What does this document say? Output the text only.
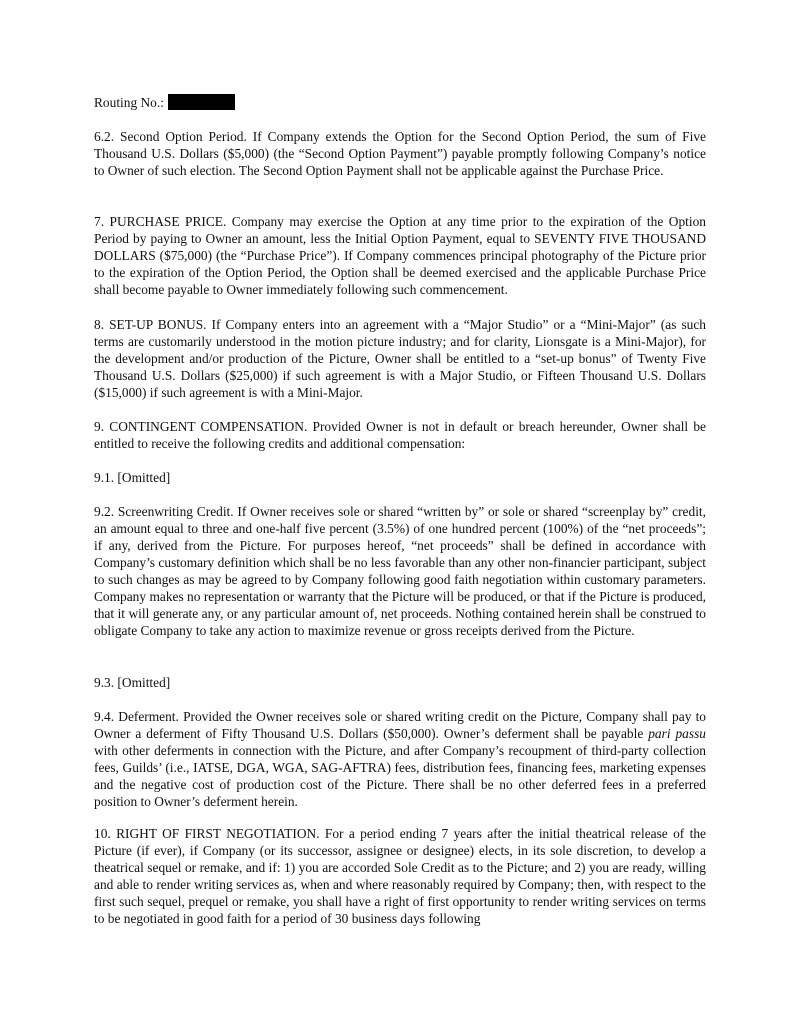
Routing No.:

6.2. Second Option Period. If Company extends the Option for the Second Option Period, the sum of Five Thousand U.S. Dollars ($5,000) (the “Second Option Payment”) payable promptly following Company’s notice to Owner of such election. The Second Option Payment shall not be applicable against the Purchase Price.

7. PURCHASE PRICE. Company may exercise the Option at any time prior to the expiration of the Option Period by paying to Owner an amount, less the Initial Option Payment, equal to SEVENTY FIVE THOUSAND DOLLARS ($75,000) (the “Purchase Price”). If Company commences principal photography of the Picture prior to the expiration of the Option Period, the Option shall be deemed exercised and the applicable Purchase Price shall become payable to Owner immediately following such commencement.

8. SET-UP BONUS. If Company enters into an agreement with a “Major Studio” or a “Mini-Major” (as such terms are customarily understood in the motion picture industry; and for clarity, Lionsgate is a Mini-Major), for the development and/or production of the Picture, Owner shall be entitled to a “set-up bonus” of Twenty Five Thousand U.S. Dollars ($25,000) if such agreement is with a Major Studio, or Fifteen Thousand U.S. Dollars ($15,000) if such agreement is with a Mini-Major.

9. CONTINGENT COMPENSATION. Provided Owner is not in default or breach hereunder, Owner shall be entitled to receive the following credits and additional compensation:

9.1. [Omitted]

9.2. Screenwriting Credit. If Owner receives sole or shared “written by” or sole or shared “screenplay by” credit, an amount equal to three and one-half five percent (3.5%) of one hundred percent (100%) of the “net proceeds”; if any, derived from the Picture. For purposes hereof, “net proceeds” shall be defined in accordance with Company’s customary definition which shall be no less favorable than any other non-financier participant, subject to such changes as may be agreed to by Company following good faith negotiation within customary parameters. Company makes no representation or warranty that the Picture will be produced, or that if the Picture is produced, that it will generate any, or any particular amount of, net proceeds. Nothing contained herein shall be construed to obligate Company to take any action to maximize revenue or gross receipts derived from the Picture.

9.3. [Omitted]

9.4. Deferment. Provided the Owner receives sole or shared writing credit on the Picture, Company shall pay to Owner a deferment of Fifty Thousand U.S. Dollars ($50,000). Owner’s deferment shall be payable pari passu with other deferments in connection with the Picture, and after Company’s recoupment of third-party collection fees, Guilds’ (i.e., IATSE, DGA, WGA, SAG-AFTRA) fees, distribution fees, financing fees, marketing expenses and the negative cost of production cost of the Picture. There shall be no other deferred fees in a preferred position to Owner’s deferment herein.

10. RIGHT OF FIRST NEGOTIATION. For a period ending 7 years after the initial theatrical release of the Picture (if ever), if Company (or its successor, assignee or designee) elects, in its sole discretion, to develop a theatrical sequel or remake, and if: 1) you are accorded Sole Credit as to the Picture; and 2) you are ready, willing and able to render writing services as, when and where reasonably required by Company; then, with respect to the first such sequel, prequel or remake, you shall have a right of first opportunity to render writing services on terms to be negotiated in good faith for a period of 30 business days following
